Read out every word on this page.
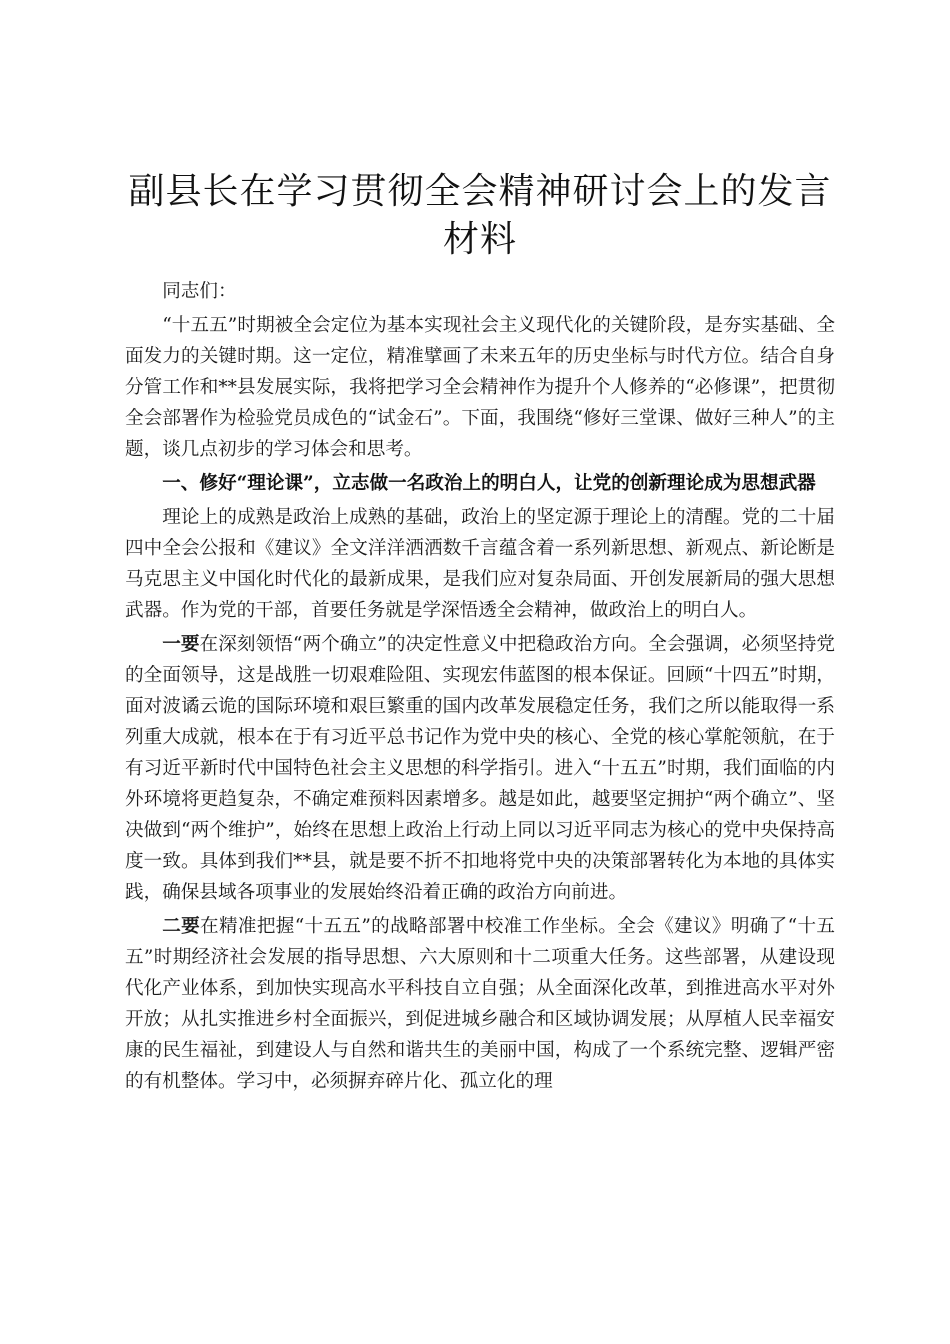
副县长在学习贯彻全会精神研讨会上的发言材料

同志们：

“十五五”时期被全会定位为基本实现社会主义现代化的关键阶段，是夯实基础、全面发力的关键时期。这一定位，精准擘画了未来五年的历史坐标与时代方位。结合自身分管工作和**县发展实际，我将把学习全会精神作为提升个人修养的“必修课”，把贯彻全会部署作为检验党员成色的“试金石”。下面，我围绕“修好三堂课、做好三种人”的主题，谈几点初步的学习体会和思考。

一、修好“理论课”，立志做一名政治上的明白人，让党的创新理论成为思想武器

理论上的成熟是政治上成熟的基础，政治上的坚定源于理论上的清醒。党的二十届四中全会公报和《建议》全文洋洋洒洒数千言蕴含着一系列新思想、新观点、新论断是马克思主义中国化时代化的最新成果，是我们应对复杂局面、开创发展新局的强大思想武器。作为党的干部，首要任务就是学深悟透全会精神，做政治上的明白人。

一要在深刻领悟“两个确立”的决定性意义中把稳政治方向。全会强调，必须坚持党的全面领导，这是战胜一切艰难险阻、实现宏伟蓝图的根本保证。回顾“十四五”时期，面对波谲云诡的国际环境和艰巨繁重的国内改革发展稳定任务，我们之所以能取得一系列重大成就，根本在于有习近平总书记作为党中央的核心、全党的核心掌舵领航，在于有习近平新时代中国特色社会主义思想的科学指引。进入“十五五”时期，我们面临的内外环境将更趋复杂，不确定难预料因素增多。越是如此，越要坚定拥护“两个确立”、坚决做到“两个维护”，始终在思想上政治上行动上同以习近平同志为核心的党中央保持高度一致。具体到我们**县，就是要不折不扣地将党中央的决策部署转化为本地的具体实践，确保县域各项事业的发展始终沿着正确的政治方向前进。

二要在精准把握“十五五”的战略部署中校准工作坐标。全会《建议》明确了“十五五”时期经济社会发展的指导思想、六大原则和十二项重大任务。这些部署，从建设现代化产业体系，到加快实现高水平科技自立自强；从全面深化改革，到推进高水平对外开放；从扎实推进乡村全面振兴，到促进城乡融合和区域协调发展；从厚植人民幸福安康的民生福祉，到建设人与自然和谐共生的美丽中国，构成了一个系统完整、逻辑严密的有机整体。学习中，必须摒弃碎片化、孤立化的理
